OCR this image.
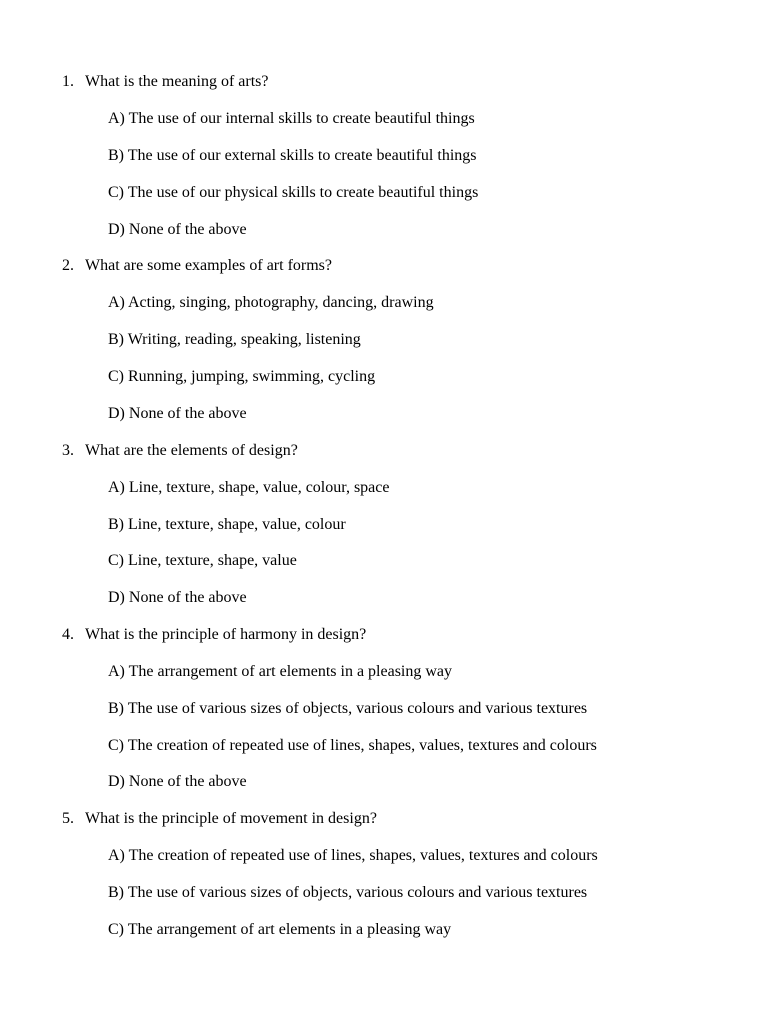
1. What is the meaning of arts?
A) The use of our internal skills to create beautiful things
B) The use of our external skills to create beautiful things
C) The use of our physical skills to create beautiful things
D) None of the above
2. What are some examples of art forms?
A) Acting, singing, photography, dancing, drawing
B) Writing, reading, speaking, listening
C) Running, jumping, swimming, cycling
D) None of the above
3. What are the elements of design?
A) Line, texture, shape, value, colour, space
B) Line, texture, shape, value, colour
C) Line, texture, shape, value
D) None of the above
4. What is the principle of harmony in design?
A) The arrangement of art elements in a pleasing way
B) The use of various sizes of objects, various colours and various textures
C) The creation of repeated use of lines, shapes, values, textures and colours
D) None of the above
5. What is the principle of movement in design?
A) The creation of repeated use of lines, shapes, values, textures and colours
B) The use of various sizes of objects, various colours and various textures
C) The arrangement of art elements in a pleasing way
